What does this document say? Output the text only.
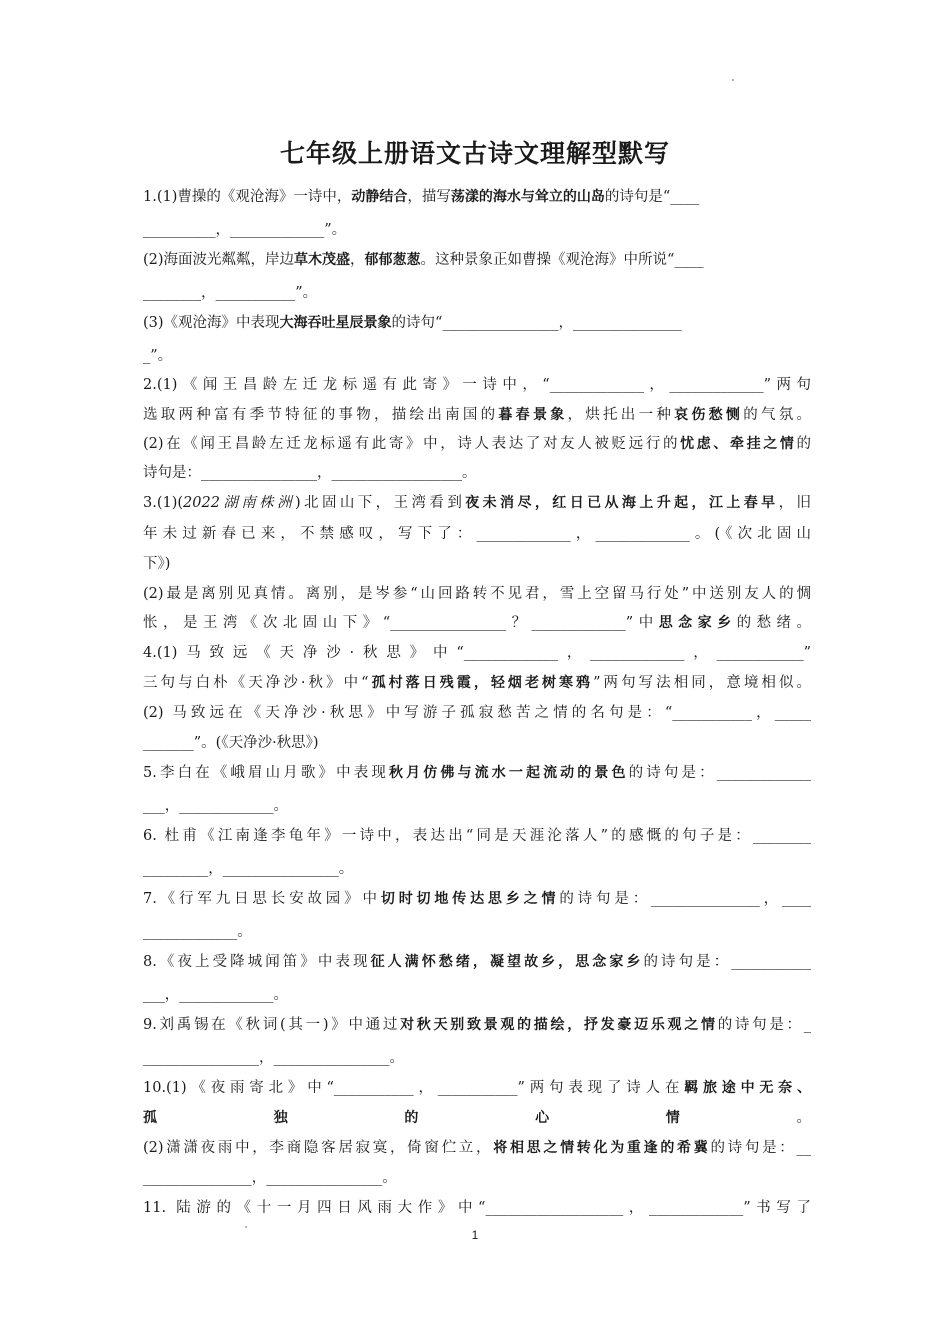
七年级上册语文古诗文理解型默写
1.(1)曹操的《观沧海》一诗中，动静结合，描写荡漾的海水与耸立的山岛的诗句是“____
__________，_____________”。
(2)海面波光粼粼，岸边草木茂盛，郁郁葱葱。这种景象正如曹操《观沧海》中所说“____
________，___________”。
(3)《观沧海》中表现大海吞吐星辰景象的诗句“________________，_______________
_”。
2.(1)《闻王昌龄左迁龙标遥有此寄》一诗中，“_____________，_____________”两句
选取两种富有季节特征的事物，描绘出南国的暮春景象，烘托出一种哀伤愁恻的气氛。
(2)在《闻王昌龄左迁龙标遥有此寄》中，诗人表达了对友人被贬远行的忧虑、牵挂之情的
诗句是：________________，__________________。
3.(1)(2022湖南株洲)北固山下，王湾看到夜未消尽，红日已从海上升起，江上春早，旧
年未过新春已来，不禁感叹，写下了：_____________，_____________。(《次北固山
下》)
(2)最是离别见真情。离别，是岑参“山回路转不见君，雪上空留马行处”中送别友人的惆
怅，是王湾《次北固山下》“________________？_____________”中思念家乡的愁绪。
4.(1)马致远《天净沙·秋思》中“_____________，_____________，____________”
三句与白朴《天净沙·秋》中“孤村落日残霞，轻烟老树寒鸦”两句写法相同，意境相似。
(2) 马致远在《天净沙·秋思》中写游子孤寂愁苦之情的名句是：“___________，_____
_______”。(《天净沙·秋思》)
5.李白在《峨眉山月歌》中表现秋月仿佛与流水一起流动的景色的诗句是：_____________
___，_____________。
6. 杜甫《江南逢李龟年》一诗中，表达出“同是天涯沦落人”的感慨的句子是：________
_________，________________。
7.《行军九日思长安故园》中切时切地传达思乡之情的诗句是：_______________，____
_____________。
8.《夜上受降城闻笛》中表现征人满怀愁绪，凝望故乡，思念家乡的诗句是：___________
___，_____________。
9.刘禹锡在《秋词(其一)》中通过对秋天别致景观的描绘，抒发豪迈乐观之情的诗句是：_
________________，________________。
10.(1)《夜雨寄北》中“___________，___________”两句表现了诗人在羁旅途中无奈、
孤独的心情。
(2)潇潇夜雨中，李商隐客居寂寞，倚窗伫立，将相思之情转化为重逢的希冀的诗句是：__
_______________，________________。
11. 陆游的《十一月四日风雨大作》中“___________________，_____________”书写了
1
